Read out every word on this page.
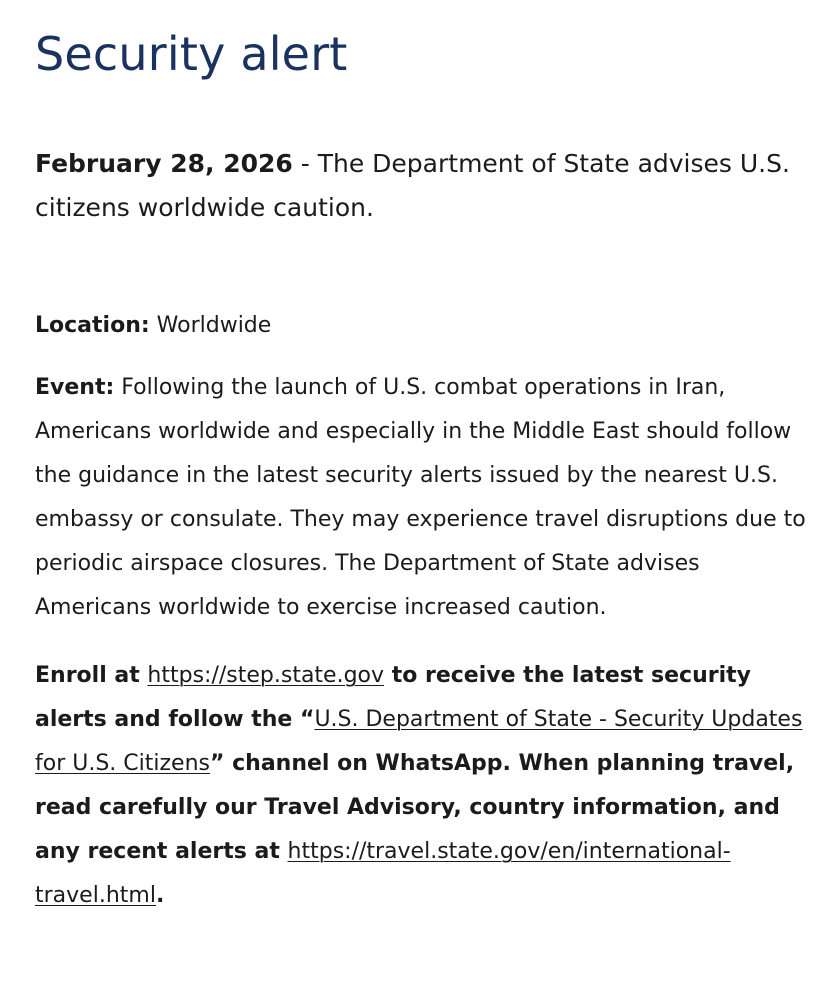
Security alert

February 28, 2026 - The Department of State advises U.S. citizens worldwide caution.

Location: Worldwide

Event: Following the launch of U.S. combat operations in Iran, Americans worldwide and especially in the Middle East should follow the guidance in the latest security alerts issued by the nearest U.S. embassy or consulate. They may experience travel disruptions due to periodic airspace closures. The Department of State advises Americans worldwide to exercise increased caution.

Enroll at https://step.state.gov to receive the latest security alerts and follow the “U.S. Department of State - Security Updates for U.S. Citizens” channel on WhatsApp. When planning travel, read carefully our Travel Advisory, country information, and any recent alerts at https://travel.state.gov/en/international-travel.html.
